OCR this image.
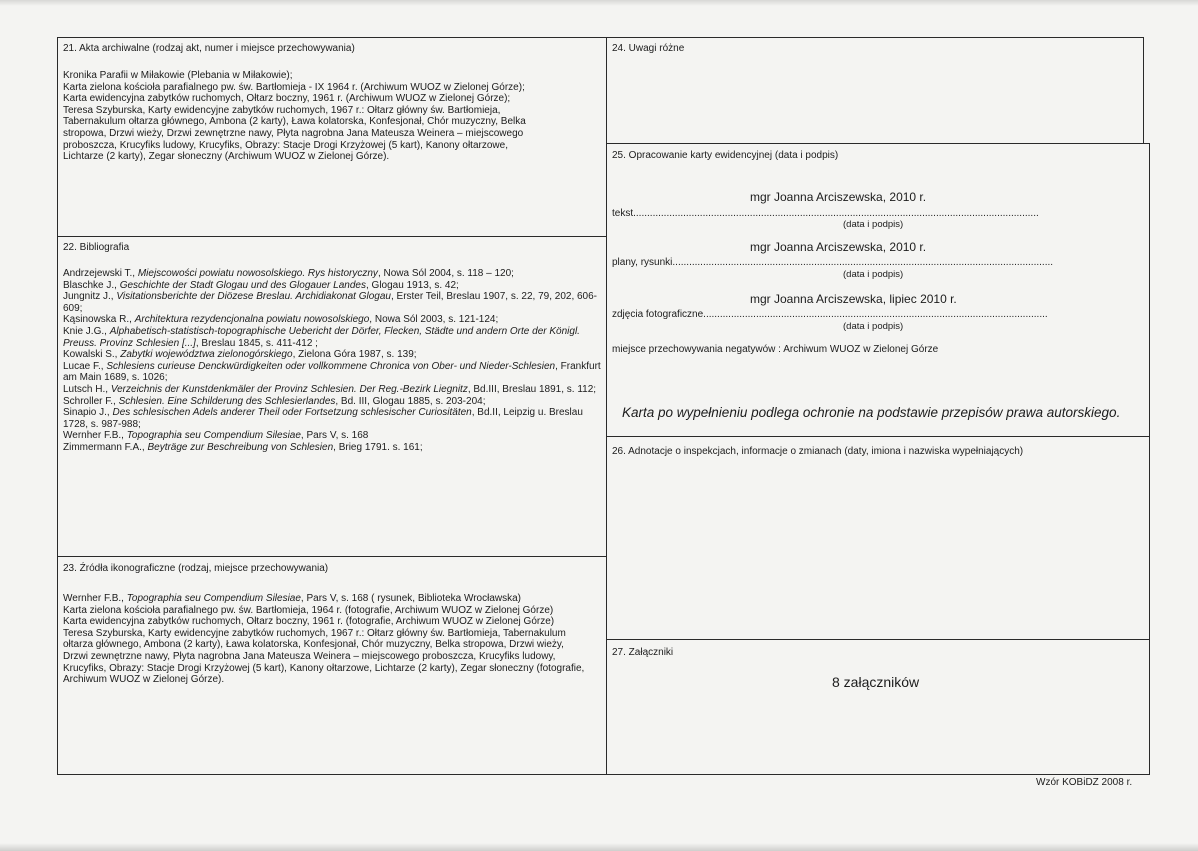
21. Akta archiwalne (rodzaj akt, numer i miejsce przechowywania)
Kronika Parafii w Miłakowie (Plebania w Miłakowie);
Karta zielona kościoła parafialnego pw. św. Bartłomieja - IX 1964 r. (Archiwum WUOZ w Zielonej Górze);
Karta ewidencyjna zabytków ruchomych, Ołtarz boczny, 1961 r. (Archiwum WUOZ w Zielonej Górze);
Teresa Szyburska, Karty ewidencyjne zabytków ruchomych, 1967 r.: Ołtarz główny św. Bartłomieja,
Tabernakulum ołtarza głównego, Ambona (2 karty), Ława kolatorska, Konfesjonał, Chór muzyczny, Belka
stropowa, Drzwi wieży, Drzwi zewnętrzne nawy, Płyta nagrobna Jana Mateusza Weinera – miejscowego
proboszcza, Krucyfiks ludowy, Krucyfiks, Obrazy: Stacje Drogi Krzyżowej (5 kart), Kanony ołtarzowe,
Lichtarze (2 karty), Zegar słoneczny (Archiwum WUOZ w Zielonej Górze).
22. Bibliografia
Andrzejewski T., Miejscowości powiatu nowosolskiego. Rys historyczny, Nowa Sól 2004, s. 118 – 120;
Blaschke J., Geschichte der Stadt Glogau und des Glogauer Landes, Glogau 1913, s. 42;
Jungnitz J., Visitationsberichte der Diözese Breslau. Archidiakonat Glogau, Erster Teil, Breslau 1907, s. 22, 79, 202, 606- 609;
Kąsinowska R., Architektura rezydencjonalna powiatu nowosolskiego, Nowa Sól 2003, s. 121-124;
Knie J.G., Alphabetisch-statistisch-topographische Uebericht der Dörfer, Flecken, Städte und andern Orte der Königl. Preuss. Provinz Schlesien [...], Breslau 1845, s. 411-412 ;
Kowalski S., Zabytki województwa zielonogórskiego, Zielona Góra 1987, s. 139;
Lucae F., Schlesiens curieuse Denckwürdigkeiten oder vollkommene Chronica von Ober- und Nieder-Schlesien, Frankfurt am Main 1689, s. 1026;
Lutsch H., Verzeichnis der Kunstdenkmäler der Provinz Schlesien. Der Reg.-Bezirk Liegnitz, Bd.III, Breslau 1891, s. 112;
Schroller F., Schlesien. Eine Schilderung des Schlesierlandes, Bd. III, Glogau 1885, s. 203-204;
Sinapio J., Des schlesischen Adels anderer Theil oder Fortsetzung schlesischer Curiositäten, Bd.II, Leipzig u. Breslau 1728, s. 987-988;
Wernher F.B., Topographia seu Compendium Silesiae, Pars V, s. 168
Zimmermann F.A., Beyträge zur Beschreibung von Schlesien, Brieg 1791. s. 161;
23. Źródła ikonograficzne (rodzaj, miejsce przechowywania)
Wernher F.B., Topographia seu Compendium Silesiae, Pars V, s. 168 ( rysunek, Biblioteka Wrocławska)
Karta zielona kościoła parafialnego pw. św. Bartłomieja, 1964 r. (fotografie, Archiwum WUOZ w Zielonej Górze)
Karta ewidencyjna zabytków ruchomych, Ołtarz boczny, 1961 r. (fotografie, Archiwum WUOZ w Zielonej Górze)
Teresa Szyburska, Karty ewidencyjne zabytków ruchomych, 1967 r.: Ołtarz główny św. Bartłomieja, Tabernakulum ołtarza głównego, Ambona (2 karty), Ława kolatorska, Konfesjonał, Chór muzyczny, Belka stropowa, Drzwi wieży, Drzwi zewnętrzne nawy, Płyta nagrobna Jana Mateusza Weinera – miejscowego proboszcza, Krucyfiks ludowy, Krucyfiks, Obrazy: Stacje Drogi Krzyżowej (5 kart), Kanony ołtarzowe, Lichtarze (2 karty), Zegar słoneczny (fotografie, Archiwum WUOZ w Zielonej Górze).
24. Uwagi różne
25. Opracowanie karty ewidencyjnej (data i podpis)
mgr Joanna Arciszewska, 2010 r.
tekst..................................................................................................................................................
(data i podpis)
mgr Joanna Arciszewska, 2010 r.
plany, rysunki.........................................................................................................................................
(data i podpis)
mgr Joanna Arciszewska, lipiec 2010 r.
zdjęcia fotograficzne............................................................................................................................
(data i podpis)
miejsce przechowywania negatywów : Archiwum WUOZ w Zielonej Górze
Karta po wypełnieniu podlega ochronie na podstawie przepisów prawa autorskiego.
26. Adnotacje o inspekcjach, informacje o zmianach (daty, imiona i nazwiska wypełniających)
27. Załączniki
8 załączników
Wzór KOBiDZ 2008 r.
